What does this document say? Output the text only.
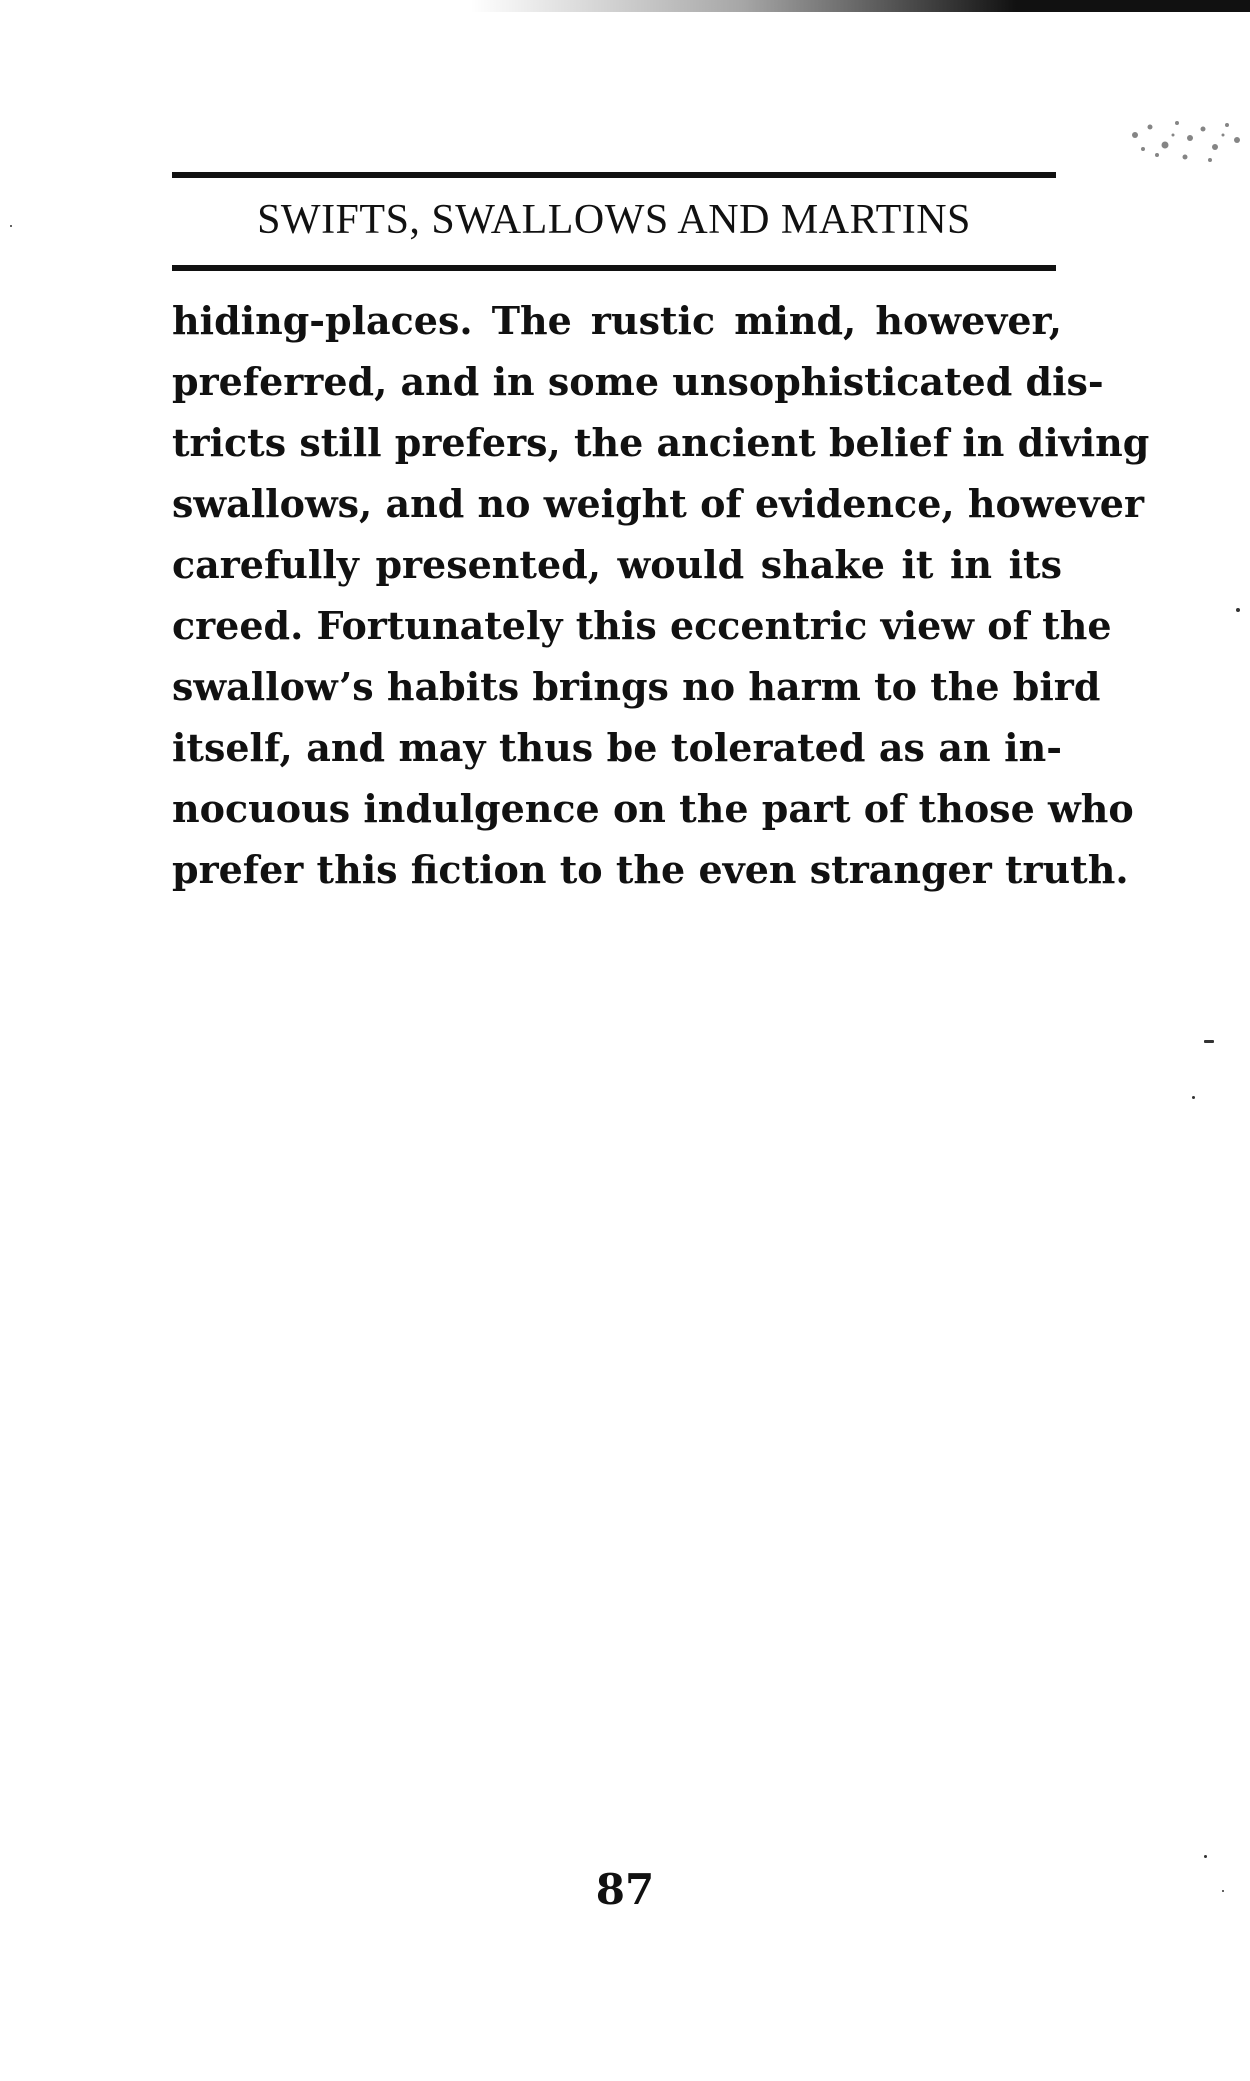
SWIFTS, SWALLOWS AND MARTINS
hiding-places. The rustic mind, however,
preferred, and in some unsophisticated dis-
tricts still prefers, the ancient belief in diving
swallows, and no weight of evidence, however
carefully presented, would shake it in its
creed. Fortunately this eccentric view of the
swallow’s habits brings no harm to the bird
itself, and may thus be tolerated as an in-
nocuous indulgence on the part of those who
prefer this fiction to the even stranger truth.
87
